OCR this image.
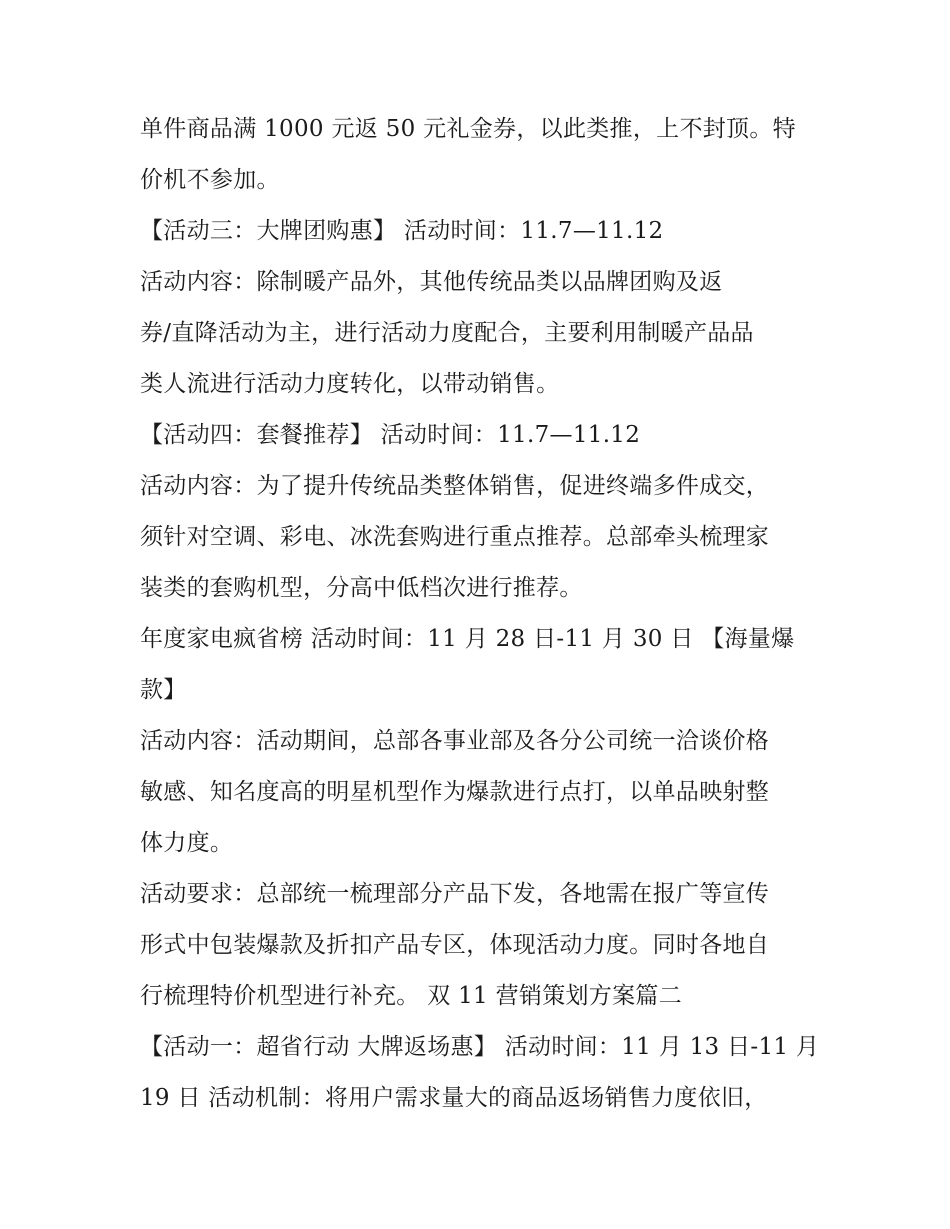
单件商品满 1000 元返 50 元礼金券，以此类推，上不封顶。特
价机不参加。
【活动三：大牌团购惠】 活动时间：11.7—11.12
活动内容：除制暖产品外，其他传统品类以品牌团购及返
券/直降活动为主，进行活动力度配合，主要利用制暖产品品
类人流进行活动力度转化，以带动销售。
【活动四：套餐推荐】 活动时间：11.7—11.12
活动内容：为了提升传统品类整体销售，促进终端多件成交，
须针对空调、彩电、冰洗套购进行重点推荐。总部牵头梳理家
装类的套购机型，分高中低档次进行推荐。
年度家电疯省榜 活动时间：11 月 28 日-11 月 30 日 【海量爆
款】
活动内容：活动期间，总部各事业部及各分公司统一洽谈价格
敏感、知名度高的明星机型作为爆款进行点打，以单品映射整
体力度。
活动要求：总部统一梳理部分产品下发，各地需在报广等宣传
形式中包装爆款及折扣产品专区，体现活动力度。同时各地自
行梳理特价机型进行补充。 双 11 营销策划方案篇二
【活动一：超省行动 大牌返场惠】 活动时间：11 月 13 日-11 月
19 日 活动机制：将用户需求量大的商品返场销售力度依旧，
